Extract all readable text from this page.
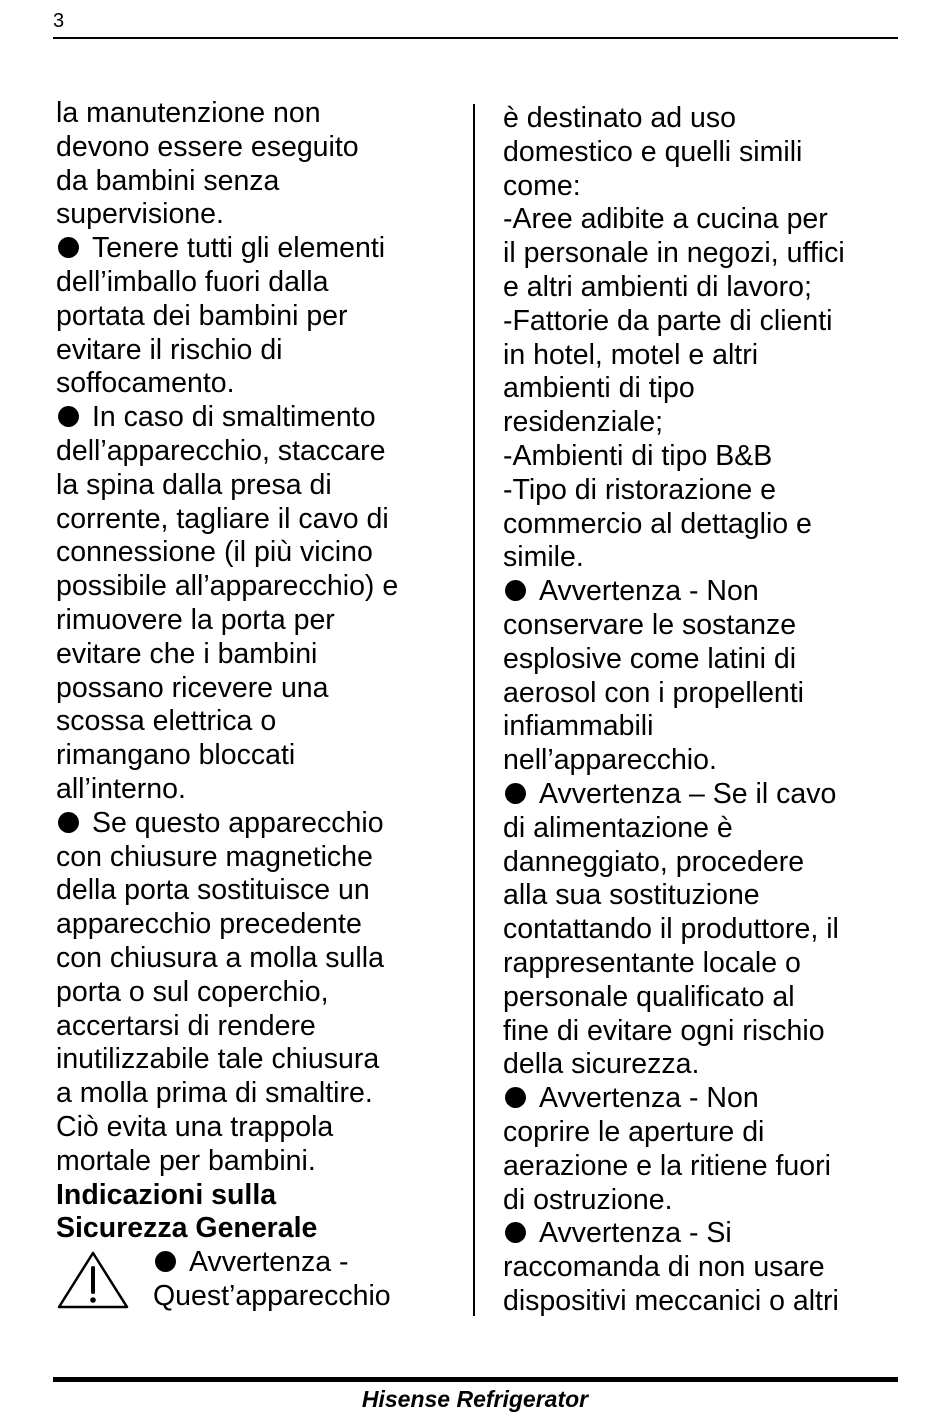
3
la manutenzione non
devono essere eseguito
da bambini senza
supervisione.
Tenere tutti gli elementi
dell’imballo fuori dalla
portata dei bambini per
evitare il rischio di
soffocamento.
In caso di smaltimento
dell’apparecchio, staccare
la spina dalla presa di
corrente, tagliare il cavo di
connessione (il più vicino
possibile all’apparecchio) e
rimuovere la porta per
evitare che i bambini
possano ricevere una
scossa elettrica o
rimangano bloccati
all’interno.
Se questo apparecchio
con chiusure magnetiche
della porta sostituisce un
apparecchio precedente
con chiusura a molla sulla
porta o sul coperchio,
accertarsi di rendere
inutilizzabile tale chiusura
a molla prima di smaltire.
Ciò evita una trappola
mortale per bambini.
Indicazioni sulla
Sicurezza Generale
Avvertenza -
Quest’apparecchio
è destinato ad uso
domestico e quelli simili
come:
-Aree adibite a cucina per
il personale in negozi, uffici
e altri ambienti di lavoro;
-Fattorie da parte di clienti
in hotel, motel e altri
ambienti di tipo
residenziale;
-Ambienti di tipo B&B
-Tipo di ristorazione e
commercio al dettaglio e
simile.
Avvertenza - Non
conservare le sostanze
esplosive come latini di
aerosol con i propellenti
infiammabili
nell’apparecchio.
Avvertenza – Se il cavo
di alimentazione è
danneggiato, procedere
alla sua sostituzione
contattando il produttore, il
rappresentante locale o
personale qualificato al
fine di evitare ogni rischio
della sicurezza.
Avvertenza - Non
coprire le aperture di
aerazione e la ritiene fuori
di ostruzione.
Avvertenza - Si
raccomanda di non usare
dispositivi meccanici o altri
Hisense Refrigerator
